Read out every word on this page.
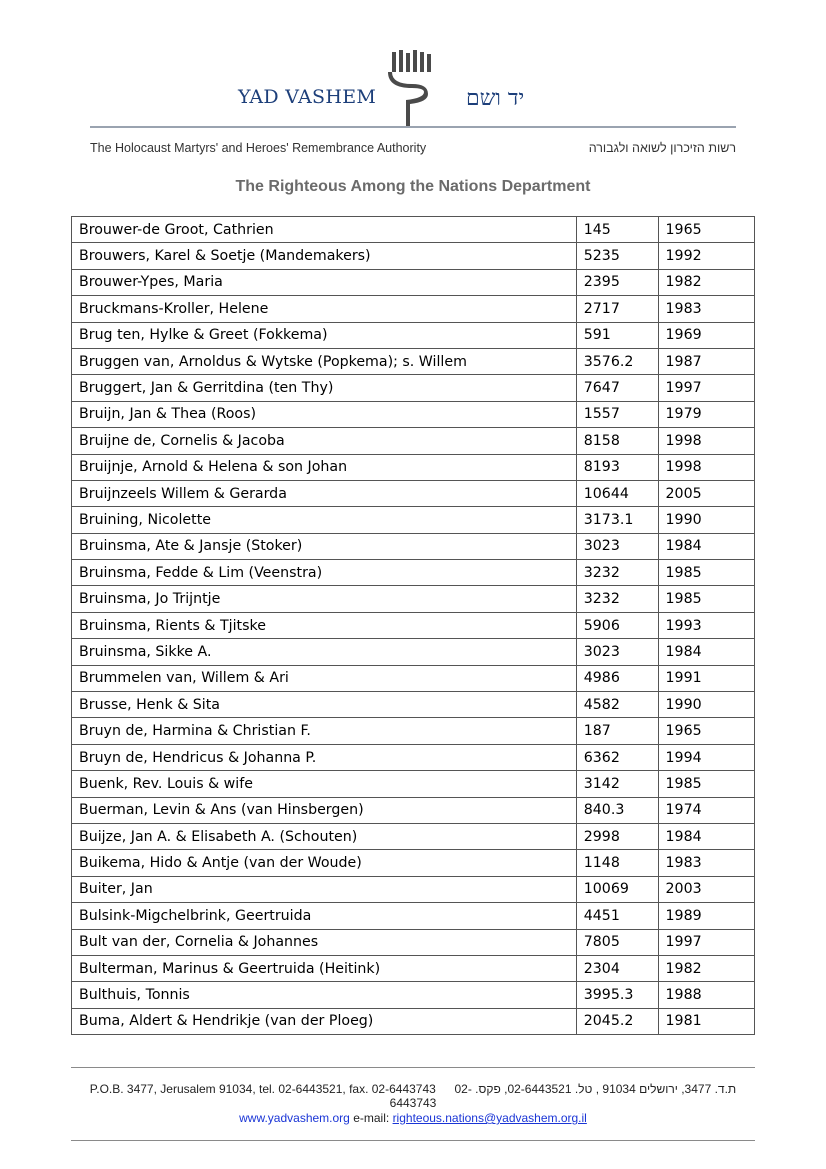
YAD VASHEM	יד ושם
The Holocaust Martyrs' and Heroes' Remembrance Authority	רשות הזיכרון לשואה ולגבורה
The Righteous Among the Nations Department
Brouwer-de Groot, Cathrien	145	1965
Brouwers, Karel & Soetje (Mandemakers)	5235	1992
Brouwer-Ypes, Maria	2395	1982
Bruckmans-Kroller, Helene	2717	1983
Brug ten, Hylke & Greet (Fokkema)	591	1969
Bruggen van, Arnoldus & Wytske (Popkema); s. Willem	3576.2	1987
Bruggert, Jan & Gerritdina (ten Thy)	7647	1997
Bruijn, Jan & Thea (Roos)	1557	1979
Bruijne de, Cornelis & Jacoba	8158	1998
Bruijnje, Arnold & Helena & son Johan	8193	1998
Bruijnzeels Willem & Gerarda	10644	2005
Bruining, Nicolette	3173.1	1990
Bruinsma, Ate & Jansje (Stoker)	3023	1984
Bruinsma, Fedde & Lim (Veenstra)	3232	1985
Bruinsma, Jo Trijntje	3232	1985
Bruinsma, Rients & Tjitske	5906	1993
Bruinsma, Sikke A.	3023	1984
Brummelen van, Willem & Ari	4986	1991
Brusse, Henk & Sita	4582	1990
Bruyn de, Harmina & Christian F.	187	1965
Bruyn de, Hendricus & Johanna P.	6362	1994
Buenk, Rev. Louis & wife	3142	1985
Buerman, Levin & Ans (van Hinsbergen)	840.3	1974
Buijze, Jan A. & Elisabeth A. (Schouten)	2998	1984
Buikema, Hido & Antje (van der Woude)	1148	1983
Buiter, Jan	10069	2003
Bulsink-Migchelbrink, Geertruida	4451	1989
Bult van der, Cornelia & Johannes	7805	1997
Bulterman, Marinus & Geertruida (Heitink)	2304	1982
Bulthuis, Tonnis	3995.3	1988
Buma, Aldert & Hendrikje (van der Ploeg)	2045.2	1981
P.O.B. 3477, Jerusalem 91034, tel. 02-6443521, fax. 02-6443743   ת.ד. 3477, ירושלים 91034 , טל. 02-6443521, פקס. 02-6443743
www.yadvashem.org e-mail: righteous.nations@yadvashem.org.il
